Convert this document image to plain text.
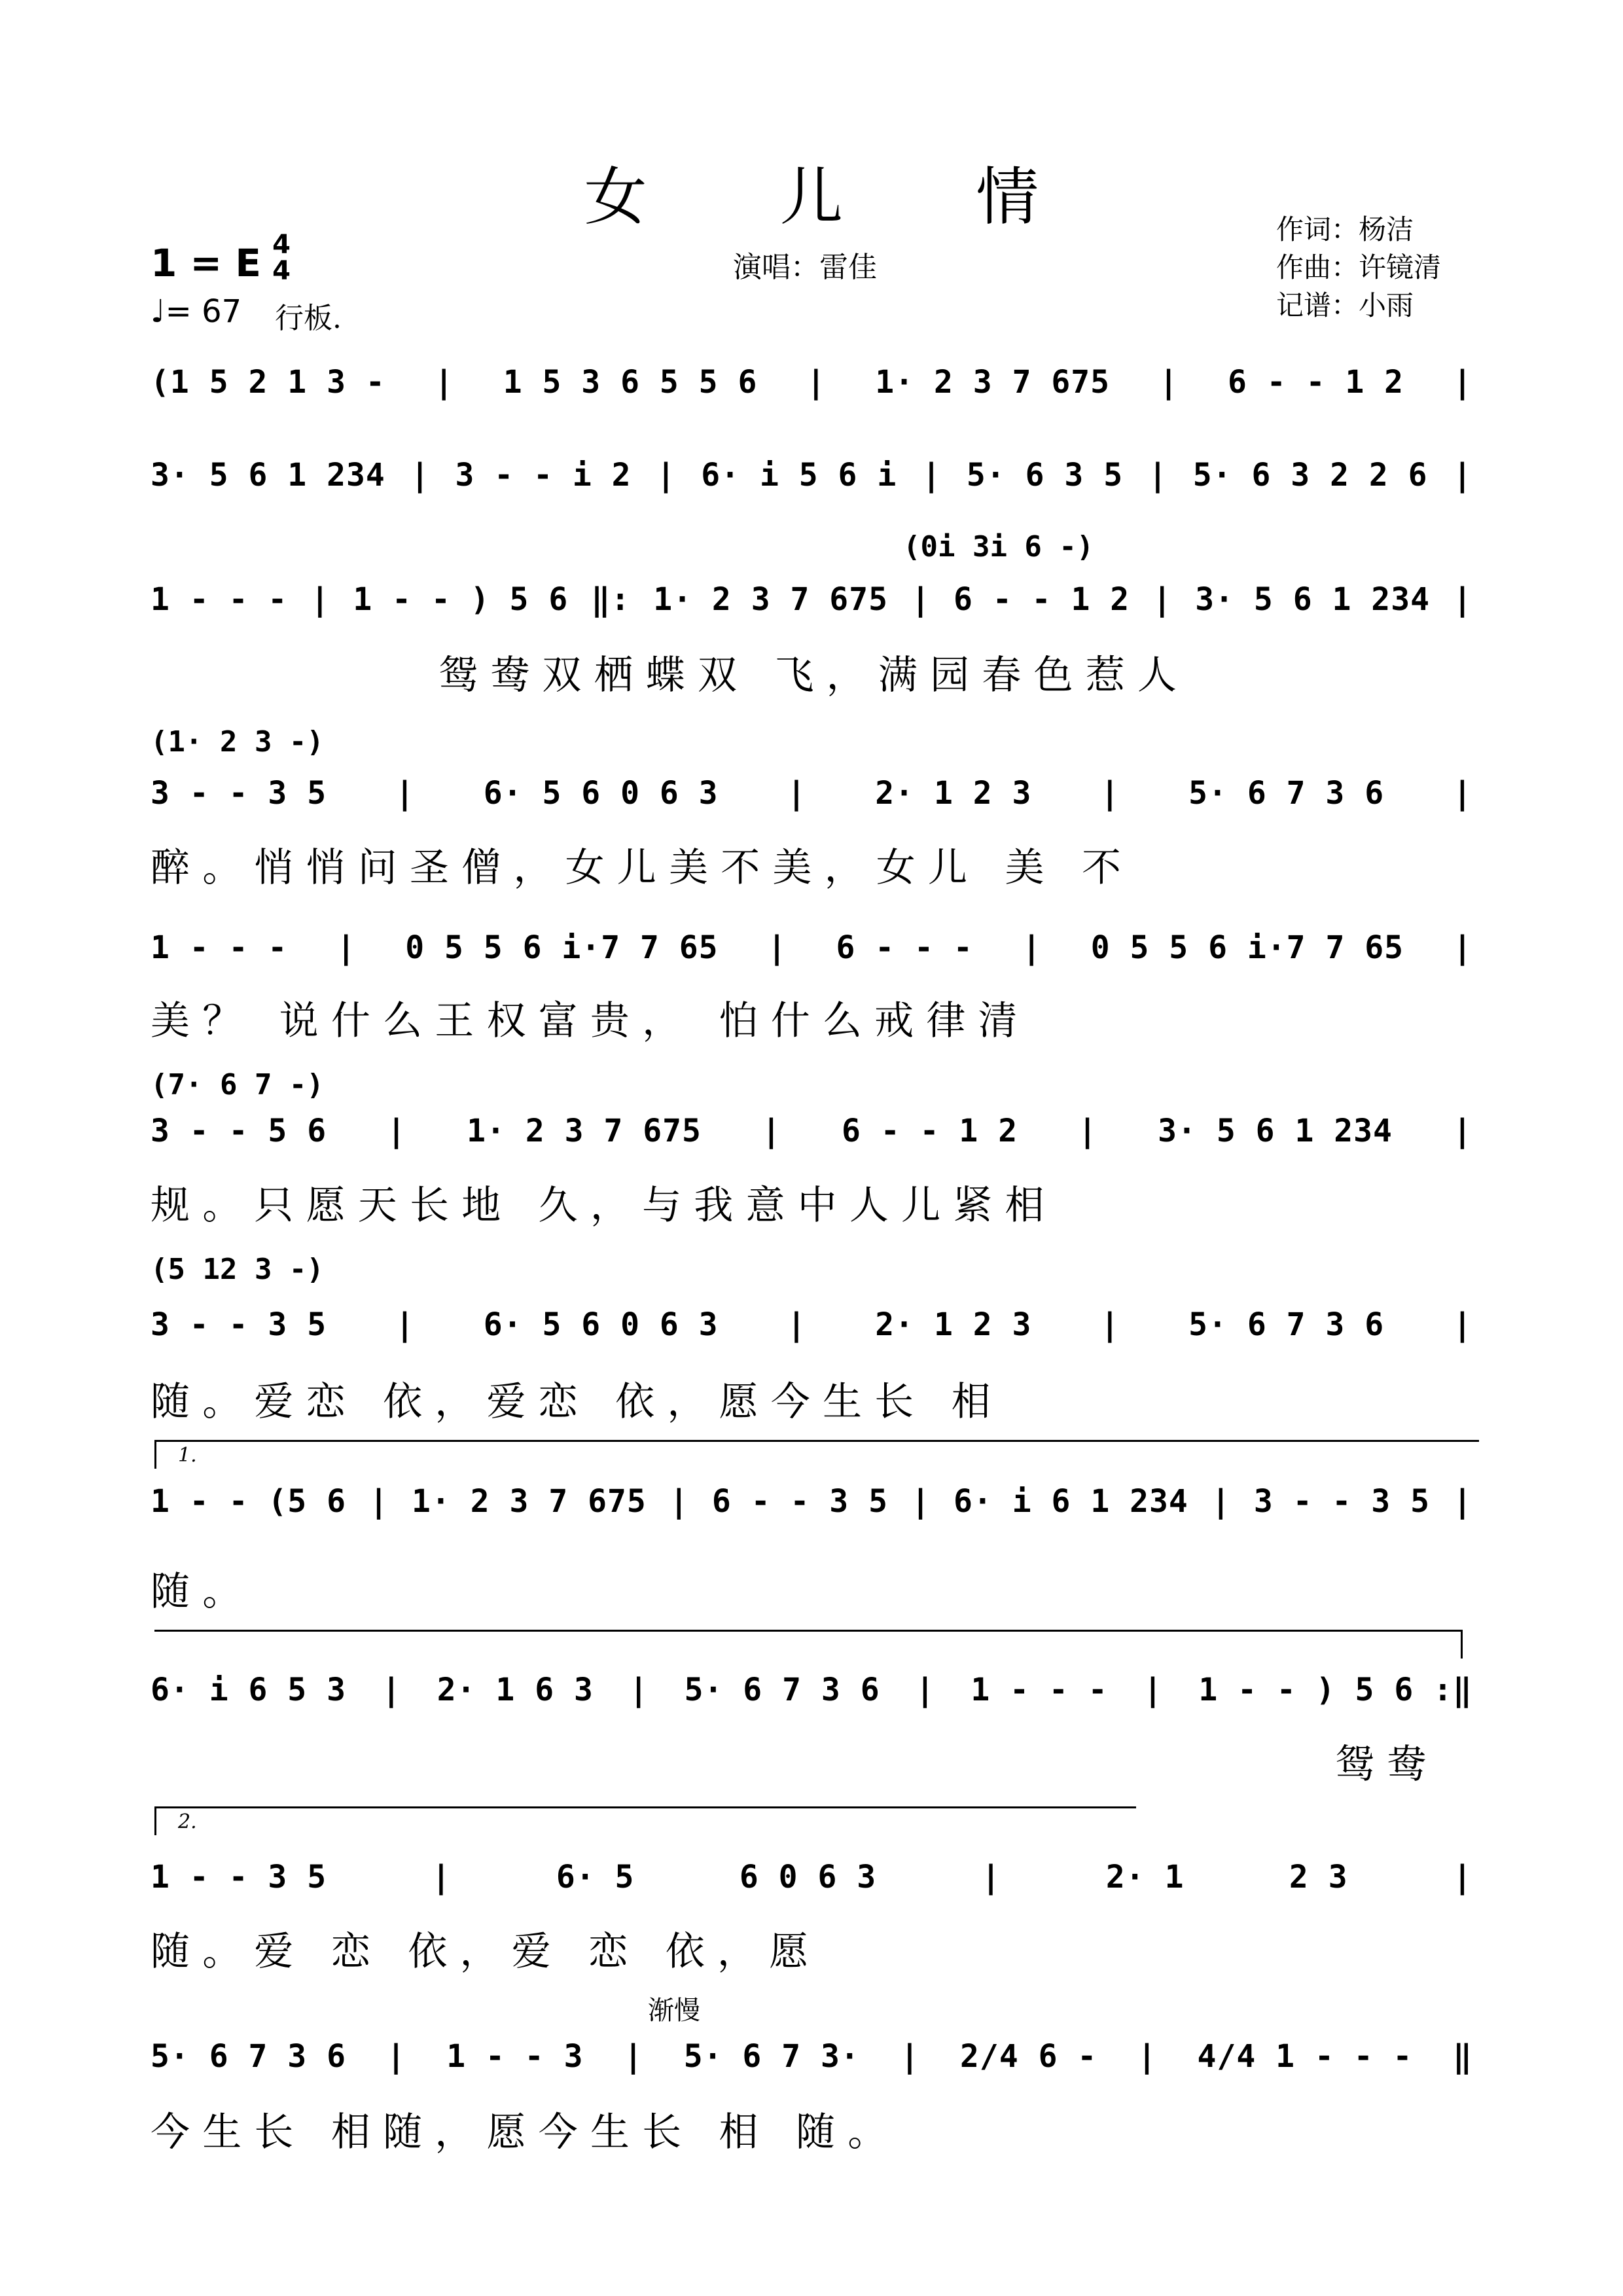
女 儿 情
1 = E 4
4
♩= 67 行板.
演唱：雷佳
作词：杨洁
作曲：许镜清
记谱：小雨
(1 5 2 1 3 - | 1 5 3 6 5 5 6 | 1· 2 3 7 675 | 6 - - 1 2 |
3· 5 6 1 234 | 3 - - i 2 | 6· i 5 6 i | 5· 6 3 5 | 5· 6 3 2 2 6 |
(0i 3i 6 -)
1 - - - | 1 - - ) 5 6 ‖: 1· 2 3 7 675 | 6 - - 1 2 | 3· 5 6 1 234 |
鸳鸯双栖蝶双 飞，满园春色惹人
(1· 2 3 -)
3 - - 3 5 | 6· 5 6 0 6 3 | 2· 1 2 3 | 5· 6 7 3 6 |
醉。悄悄问圣僧，女儿美不美，女儿 美 不
1 - - - | 0 5 5 6 i·7 7 65 | 6 - - - | 0 5 5 6 i·7 7 65 |
美？ 说什么王权富贵， 怕什么戒律清
(7· 6 7 -)
3 - - 5 6 | 1· 2 3 7 675 | 6 - - 1 2 | 3· 5 6 1 234 |
规。只愿天长地 久，与我意中人儿紧相
(5 12 3 -)
3 - - 3 5 | 6· 5 6 0 6 3 | 2· 1 2 3 | 5· 6 7 3 6 |
随。爱恋 依，爱恋 依，愿今生长 相
1.
1 - - (5 6 | 1· 2 3 7 675 | 6 - - 3 5 | 6· i 6 1 234 | 3 - - 3 5 |
随。
6· i 6 5 3 | 2· 1 6 3 | 5· 6 7 3 6 | 1 - - - | 1 - - ) 5 6 :‖
鸳鸯
2.
1 - - 3 5	|	6· 5	6 0 6 3	|	2· 1	2 3	|
随。爱 恋 依，爱 恋 依，愿
渐慢
5· 6 7 3 6 | 1 - - 3 | 5· 6 7 3· | 2/4 6 - | 4/4 1 - - - ‖
今生长 相随，愿今生长 相 随。
